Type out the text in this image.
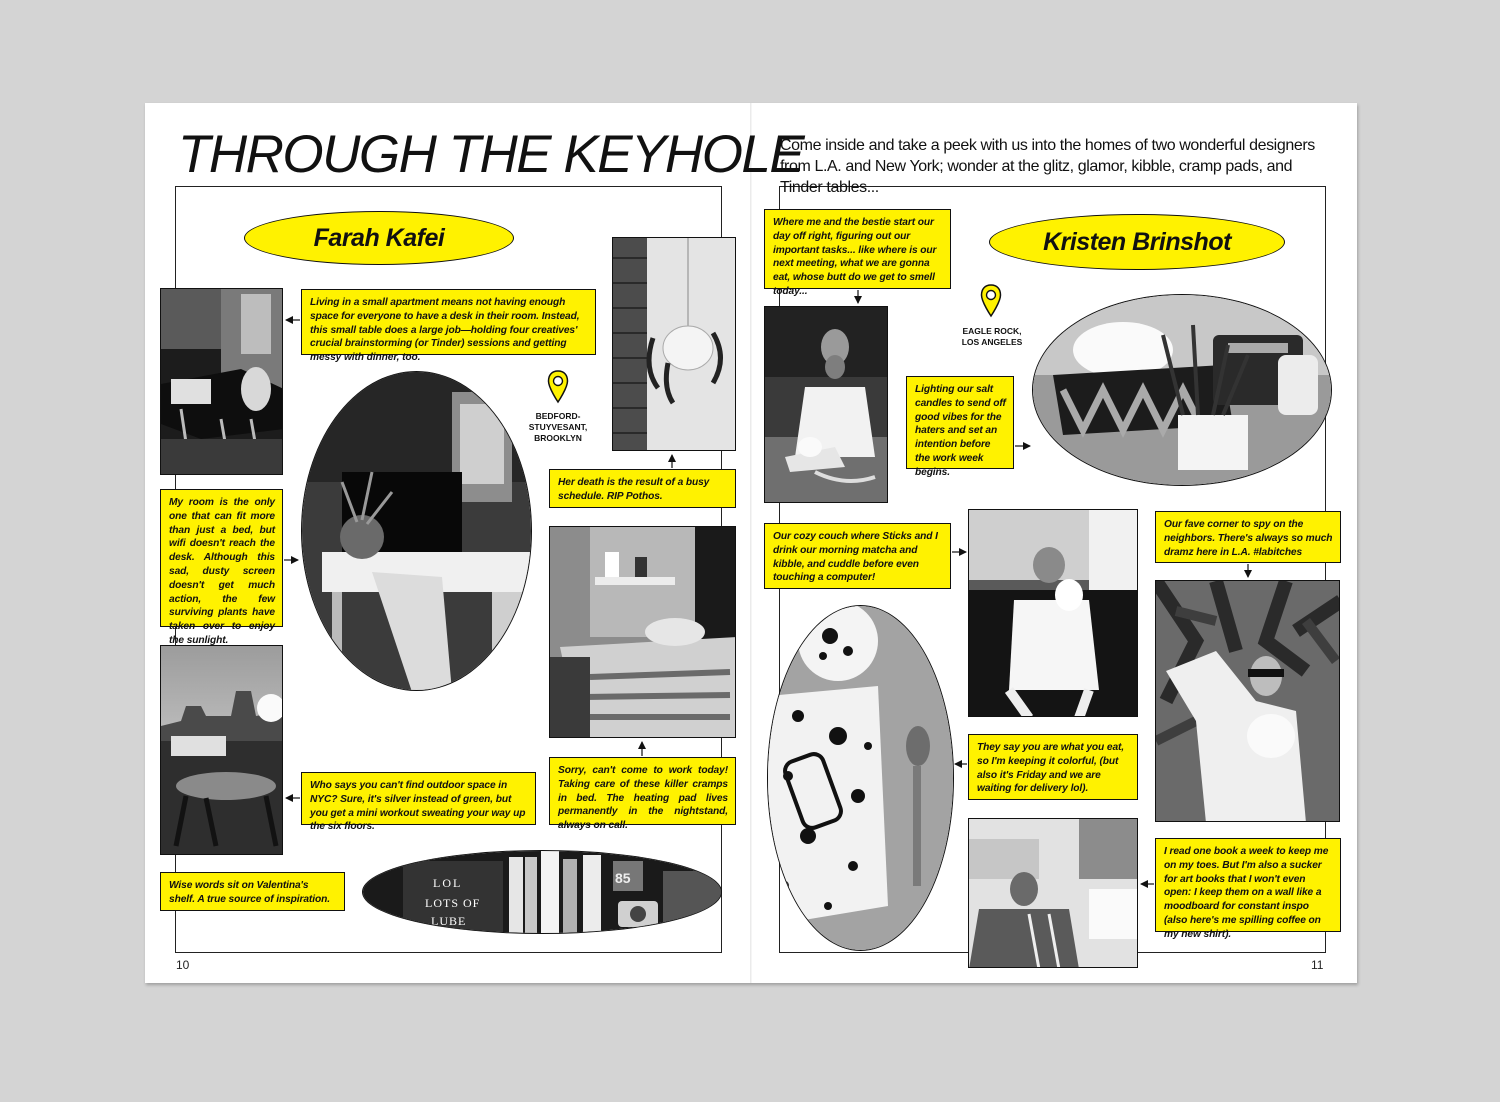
THROUGH THE KEYHOLE
Come inside and take a peek with us into the homes of two wonderful designers from L.A. and New York; wonder at the glitz, glamor, kibble, cramp pads, and Tinder tables...
Farah Kafei	Kristen Brinshot
LOL
LOTS OF
LUBE
85
Living in a small apartment means not having enough space for everyone to have a desk in their room. Instead, this small table does a large job—holding four creatives' crucial brainstorming (or Tinder) sessions and getting messy with dinner, too.
My room is the only one that can fit more than just a bed, but wifi doesn't reach the desk. Although this sad, dusty screen doesn't get much action, the few surviving plants have taken over to enjoy the sunlight.
Her death is the result of a busy schedule. RIP Pothos.
Sorry, can't come to work today! Taking care of these killer cramps in bed. The heating pad lives permanently in the nightstand, always on call.
Who says you can't find outdoor space in NYC? Sure, it's silver instead of green, but you get a mini workout sweating your way up the six floors.
Wise words sit on Valentina's shelf. A true source of inspiration.
BEDFORD-
STUYVESANT,
BROOKLYN
Where me and the bestie start our day off right, figuring out our important tasks... like where is our next meeting, what we are gonna eat, whose butt do we get to smell today...
Lighting our salt candles to send off good vibes for the haters and set an intention before the work week begins.
Our cozy couch where Sticks and I drink our morning matcha and kibble, and cuddle before even touching a computer!
Our fave corner to spy on the neighbors. There's always so much dramz here in L.A. #labitches
They say you are what you eat, so I'm keeping it colorful, (but also it's Friday and we are waiting for delivery lol).
I read one book a week to keep me on my toes. But I'm also a sucker for art books that I won't even open: I keep them on a wall like a moodboard for constant inspo (also here's me spilling coffee on my new shirt).
EAGLE ROCK,
LOS ANGELES
10	11
